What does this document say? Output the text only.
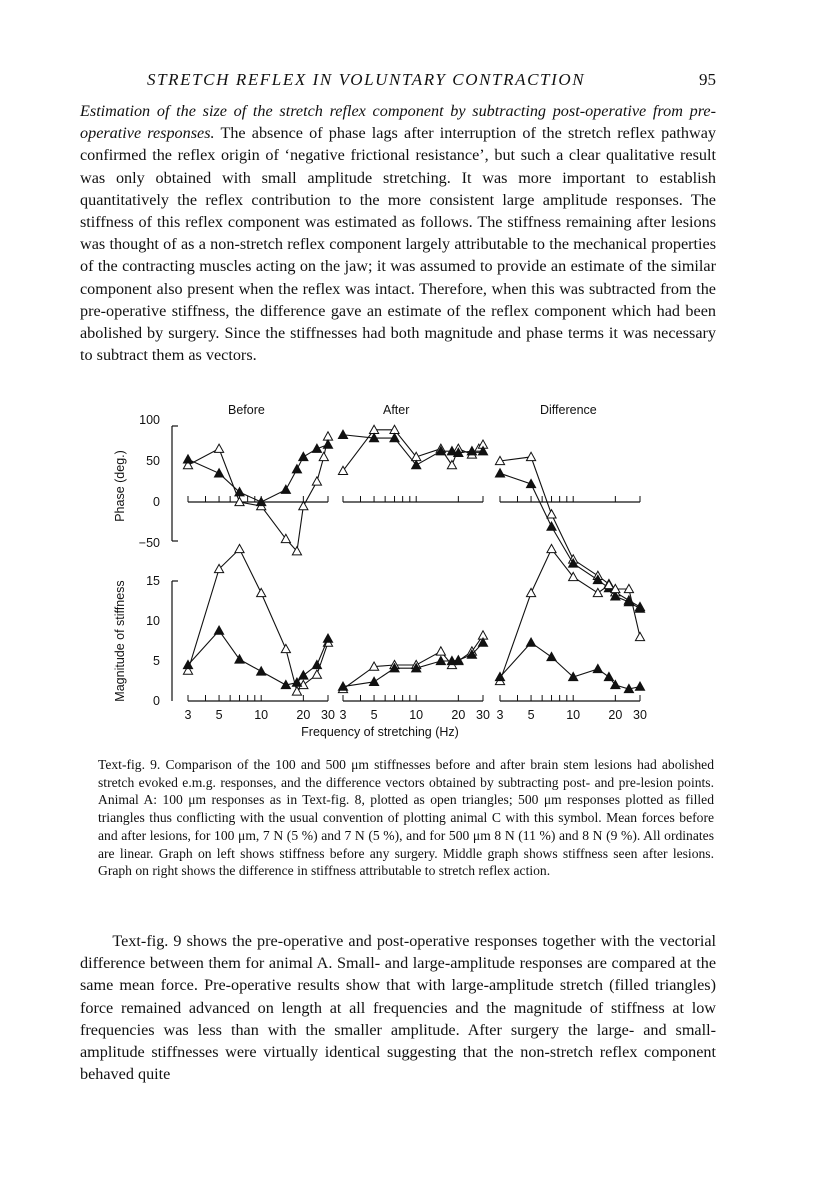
STRETCH REFLEX IN VOLUNTARY CONTRACTION	95

Estimation of the size of the stretch reflex component by subtracting post-operative from pre-operative responses. The absence of phase lags after interruption of the stretch reflex pathway confirmed the reflex origin of ‘negative frictional resistance’, but such a clear qualitative result was only obtained with small amplitude stretching. It was more important to establish quantitatively the reflex contribution to the more consistent large amplitude responses. The stiffness of this reflex component was estimated as follows. The stiffness remaining after lesions was thought of as a non-stretch reflex component largely attributable to the mechanical properties of the contracting muscles acting on the jaw; it was assumed to provide an estimate of the similar component also present when the reflex was intact. Therefore, when this was subtracted from the pre-operative stiffness, the difference gave an estimate of the reflex component which had been abolished by surgery. Since the stiffnesses had both magnitude and phase terms it was necessary to subtract them as vectors.

100
50
0
−50
Phase (deg.)
15
10
5
0
Magnitude of stiffness
Before
3 5	10 20 30
After
3 5	10 20 30
Difference
3 5	10 20 30
Frequency of stretching (Hz)

Text-fig. 9. Comparison of the 100 and 500 μm stiffnesses before and after brain stem lesions had abolished stretch evoked e.m.g. responses, and the difference vectors obtained by subtracting post- and pre-lesion points. Animal A: 100 μm responses as in Text-fig. 8, plotted as open triangles; 500 μm responses plotted as filled triangles thus conflicting with the usual convention of plotting animal C with this symbol. Mean forces before and after lesions, for 100 μm, 7 N (5 %) and 7 N (5 %), and for 500 μm 8 N (11 %) and 8 N (9 %). All ordinates are linear. Graph on left shows stiffness before any surgery. Middle graph shows stiffness seen after lesions. Graph on right shows the difference in stiffness attributable to stretch reflex action.

Text-fig. 9 shows the pre-operative and post-operative responses together with the vectorial difference between them for animal A. Small- and large-amplitude responses are compared at the same mean force. Pre-operative results show that with large-amplitude stretch (filled triangles) force remained advanced on length at all frequencies and the magnitude of stiffness at low frequencies was less than with the smaller amplitude. After surgery the large- and small-amplitude stiffnesses were virtually identical suggesting that the non-stretch reflex component behaved quite
